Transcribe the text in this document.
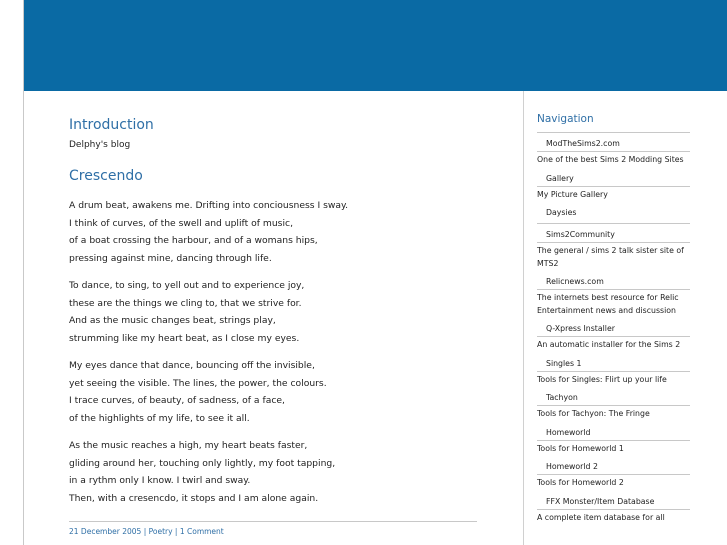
Introduction
Delphy's blog
Crescendo
A drum beat, awakens me. Drifting into conciousness I sway.
I think of curves, of the swell and uplift of music,
of a boat crossing the harbour, and of a womans hips,
pressing against mine, dancing through life.
To dance, to sing, to yell out and to experience joy,
these are the things we cling to, that we strive for.
And as the music changes beat, strings play,
strumming like my heart beat, as I close my eyes.
My eyes dance that dance, bouncing off the invisible,
yet seeing the visible. The lines, the power, the colours.
I trace curves, of beauty, of sadness, of a face,
of the highlights of my life, to see it all.
As the music reaches a high, my heart beats faster,
gliding around her, touching only lightly, my foot tapping,
in a rythm only I know. I twirl and sway.
Then, with a cresencdo, it stops and I am alone again.
21 December 2005 | Poetry | 1 Comment
Navigation
ModTheSims2.com
One of the best Sims 2 Modding Sites
Gallery
My Picture Gallery
Daysies
Sims2Community
The general / sims 2 talk sister site of MTS2
Relicnews.com
The internets best resource for Relic Entertainment news and discussion
Q-Xpress Installer
An automatic installer for the Sims 2
Singles 1
Tools for Singles: Flirt up your life
Tachyon
Tools for Tachyon: The Fringe
Homeworld
Tools for Homeworld 1
Homeworld 2
Tools for Homeworld 2
FFX Monster/Item Database
A complete item database for all
